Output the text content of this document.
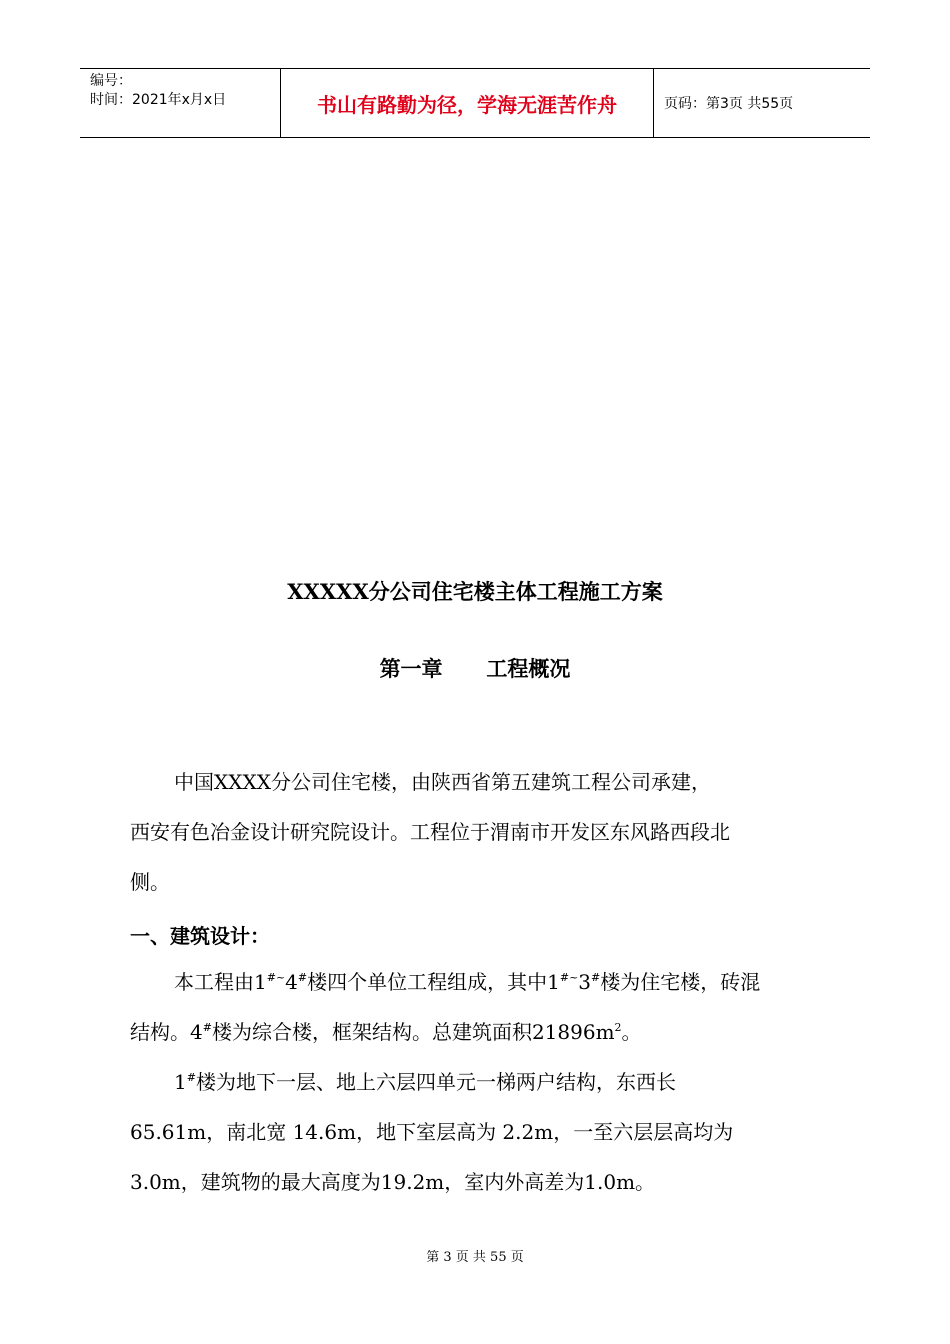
编号：
时间：2021年x月x日	书山有路勤为径，学海无涯苦作舟	页码：第3页 共55页
XXXXX分公司住宅楼主体工程施工方案
第一章      工程概况
中国XXXX分公司住宅楼，由陕西省第五建筑工程公司承建，
西安有色冶金设计研究院设计。工程位于渭南市开发区东风路西段北
侧。
一、建筑设计：
本工程由1#~4#楼四个单位工程组成，其中1#~3#楼为住宅楼，砖混
结构。4#楼为综合楼，框架结构。总建筑面积$21896m^2$。
1#楼为地下一层、地上六层四单元一梯两户结构，东西长
65.61m，南北宽 14.6m，地下室层高为 2.2m，一至六层层高均为
3.0m，建筑物的最大高度为19.2m，室内外高差为1.0m。
第 3 页 共 55 页
